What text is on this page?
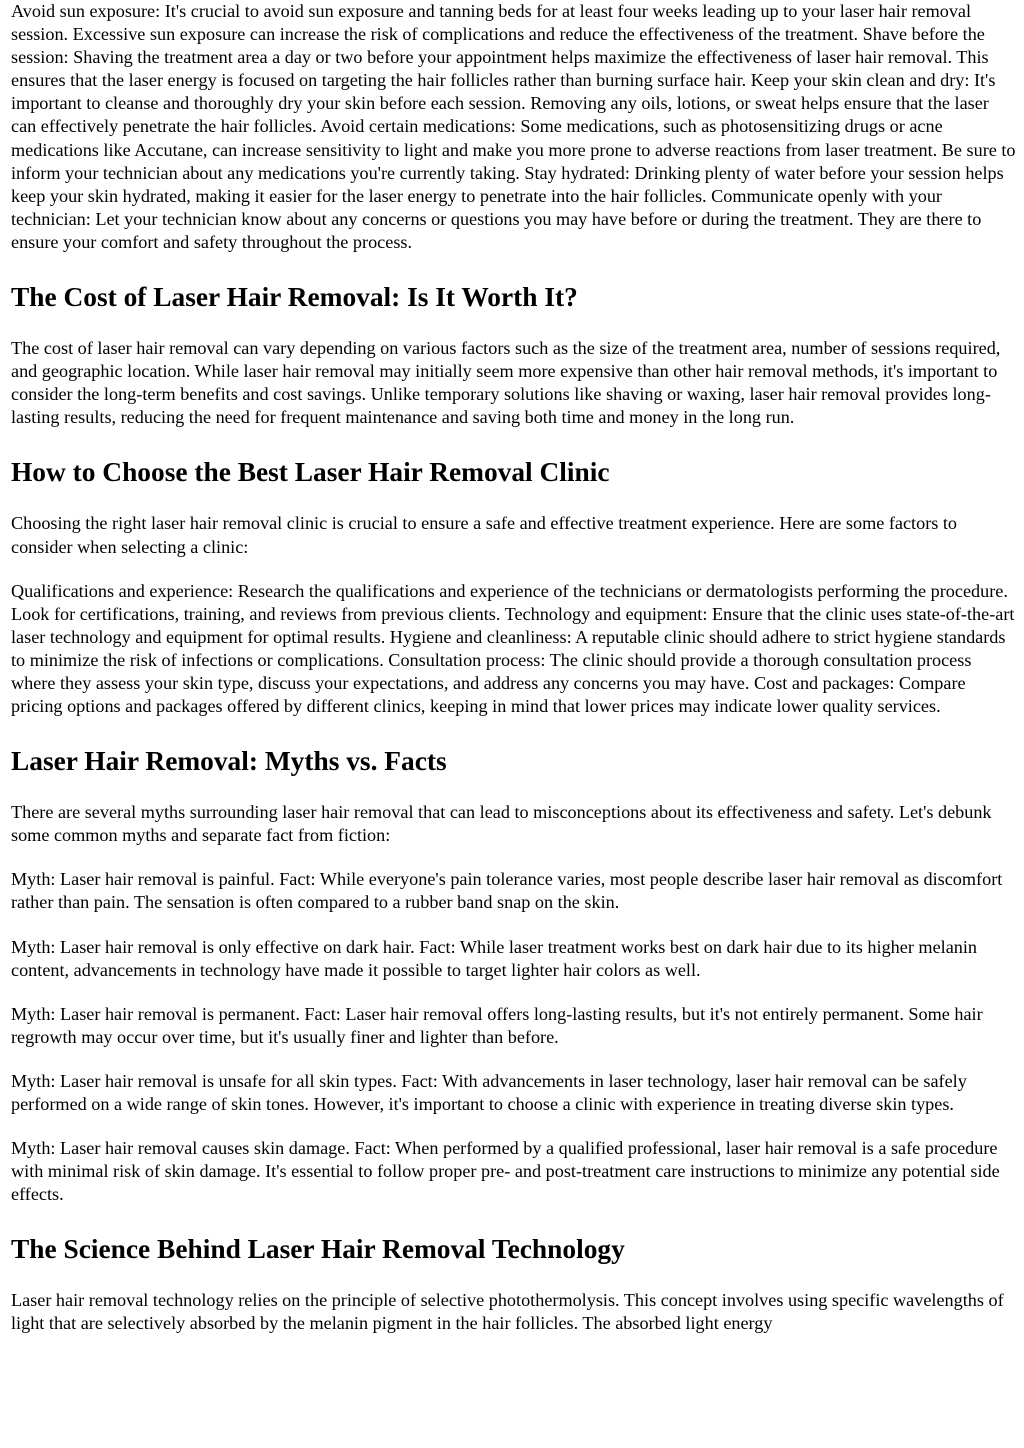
Avoid sun exposure: It's crucial to avoid sun exposure and tanning beds for at least four weeks leading up to your laser hair removal session. Excessive sun exposure can increase the risk of complications and reduce the effectiveness of the treatment. Shave before the session: Shaving the treatment area a day or two before your appointment helps maximize the effectiveness of laser hair removal. This ensures that the laser energy is focused on targeting the hair follicles rather than burning surface hair. Keep your skin clean and dry: It's important to cleanse and thoroughly dry your skin before each session. Removing any oils, lotions, or sweat helps ensure that the laser can effectively penetrate the hair follicles. Avoid certain medications: Some medications, such as photosensitizing drugs or acne medications like Accutane, can increase sensitivity to light and make you more prone to adverse reactions from laser treatment. Be sure to inform your technician about any medications you're currently taking. Stay hydrated: Drinking plenty of water before your session helps keep your skin hydrated, making it easier for the laser energy to penetrate into the hair follicles. Communicate openly with your technician: Let your technician know about any concerns or questions you may have before or during the treatment. They are there to ensure your comfort and safety throughout the process.

The Cost of Laser Hair Removal: Is It Worth It?

The cost of laser hair removal can vary depending on various factors such as the size of the treatment area, number of sessions required, and geographic location. While laser hair removal may initially seem more expensive than other hair removal methods, it's important to consider the long-term benefits and cost savings. Unlike temporary solutions like shaving or waxing, laser hair removal provides long-lasting results, reducing the need for frequent maintenance and saving both time and money in the long run.

How to Choose the Best Laser Hair Removal Clinic

Choosing the right laser hair removal clinic is crucial to ensure a safe and effective treatment experience. Here are some factors to consider when selecting a clinic:

Qualifications and experience: Research the qualifications and experience of the technicians or dermatologists performing the procedure. Look for certifications, training, and reviews from previous clients. Technology and equipment: Ensure that the clinic uses state-of-the-art laser technology and equipment for optimal results. Hygiene and cleanliness: A reputable clinic should adhere to strict hygiene standards to minimize the risk of infections or complications. Consultation process: The clinic should provide a thorough consultation process where they assess your skin type, discuss your expectations, and address any concerns you may have. Cost and packages: Compare pricing options and packages offered by different clinics, keeping in mind that lower prices may indicate lower quality services.

Laser Hair Removal: Myths vs. Facts

There are several myths surrounding laser hair removal that can lead to misconceptions about its effectiveness and safety. Let's debunk some common myths and separate fact from fiction:

Myth: Laser hair removal is painful. Fact: While everyone's pain tolerance varies, most people describe laser hair removal as discomfort rather than pain. The sensation is often compared to a rubber band snap on the skin.

Myth: Laser hair removal is only effective on dark hair. Fact: While laser treatment works best on dark hair due to its higher melanin content, advancements in technology have made it possible to target lighter hair colors as well.

Myth: Laser hair removal is permanent. Fact: Laser hair removal offers long-lasting results, but it's not entirely permanent. Some hair regrowth may occur over time, but it's usually finer and lighter than before.

Myth: Laser hair removal is unsafe for all skin types. Fact: With advancements in laser technology, laser hair removal can be safely performed on a wide range of skin tones. However, it's important to choose a clinic with experience in treating diverse skin types.

Myth: Laser hair removal causes skin damage. Fact: When performed by a qualified professional, laser hair removal is a safe procedure with minimal risk of skin damage. It's essential to follow proper pre- and post-treatment care instructions to minimize any potential side effects.

The Science Behind Laser Hair Removal Technology

Laser hair removal technology relies on the principle of selective photothermolysis. This concept involves using specific wavelengths of light that are selectively absorbed by the melanin pigment in the hair follicles. The absorbed light energy
